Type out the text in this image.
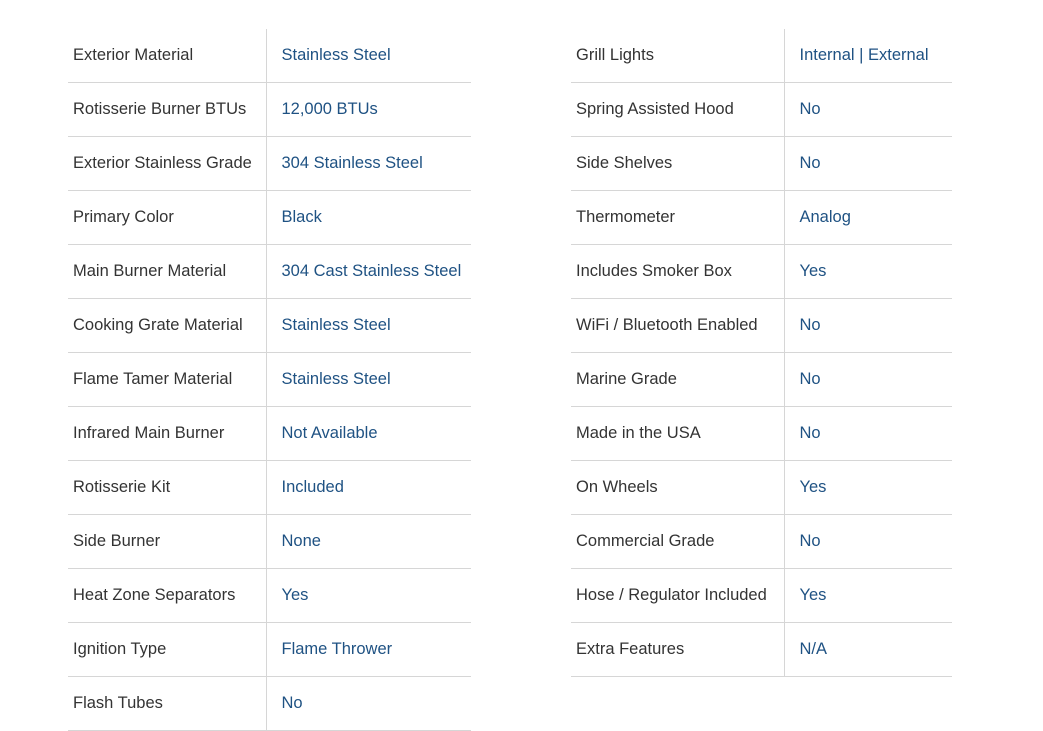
Exterior Material	Stainless Steel
Rotisserie Burner BTUs	12,000 BTUs
Exterior Stainless Grade	304 Stainless Steel
Primary Color	Black
Main Burner Material	304 Cast Stainless Steel
Cooking Grate Material	Stainless Steel
Flame Tamer Material	Stainless Steel
Infrared Main Burner	Not Available
Rotisserie Kit	Included
Side Burner	None
Heat Zone Separators	Yes
Ignition Type	Flame Thrower
Flash Tubes	No
Grill Lights	Internal | External
Spring Assisted Hood	No
Side Shelves	No
Thermometer	Analog
Includes Smoker Box	Yes
WiFi / Bluetooth Enabled	No
Marine Grade	No
Made in the USA	No
On Wheels	Yes
Commercial Grade	No
Hose / Regulator Included	Yes
Extra Features	N/A
